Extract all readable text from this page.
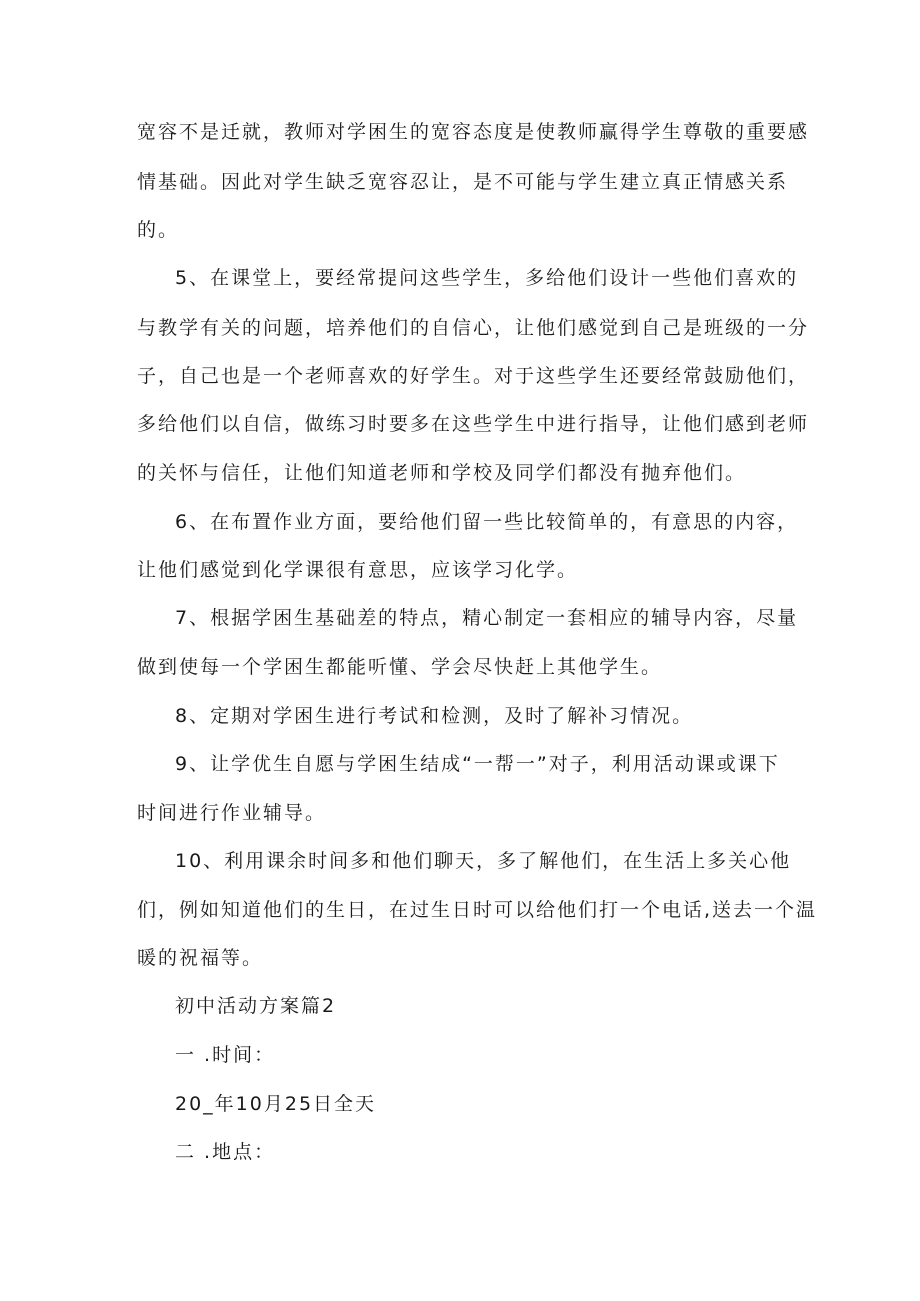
宽容不是迁就，教师对学困生的宽容态度是使教师赢得学生尊敬的重要感

情基础。因此对学生缺乏宽容忍让，是不可能与学生建立真正情感关系

的。

5、在课堂上，要经常提问这些学生，多给他们设计一些他们喜欢的

与教学有关的问题，培养他们的自信心，让他们感觉到自己是班级的一分

子，自己也是一个老师喜欢的好学生。对于这些学生还要经常鼓励他们，

多给他们以自信，做练习时要多在这些学生中进行指导，让他们感到老师

的关怀与信任，让他们知道老师和学校及同学们都没有抛弃他们。

6、在布置作业方面，要给他们留一些比较简单的，有意思的内容，

让他们感觉到化学课很有意思，应该学习化学。

7、根据学困生基础差的特点，精心制定一套相应的辅导内容，尽量

做到使每一个学困生都能听懂、学会尽快赶上其他学生。

8、定期对学困生进行考试和检测，及时了解补习情况。

9、让学优生自愿与学困生结成“一帮一”对子，利用活动课或课下

时间进行作业辅导。

10、利用课余时间多和他们聊天，多了解他们，在生活上多关心他

们，例如知道他们的生日，在过生日时可以给他们打一个电话,送去一个温

暖的祝福等。

初中活动方案篇2

一 .时间：

20_年10月25日全天

二 .地点：
